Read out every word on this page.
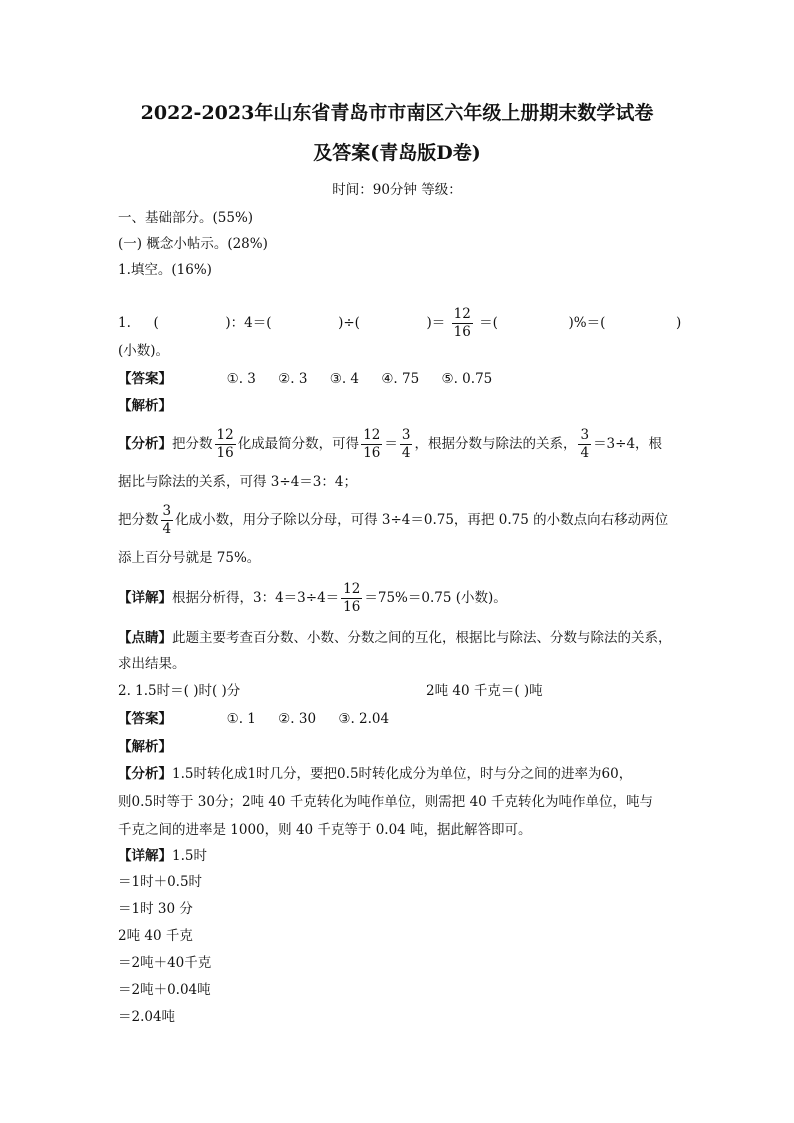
2022-2023年山东省青岛市市南区六年级上册期末数学试卷
及答案(青岛版D卷)
时间：90分钟 等级：
一、基础部分。(55%)
(一) 概念小帖示。(28%)
1.填空。(16%)
1. (	)：4＝(	)÷(	)＝ $\frac{12}{16}$ ＝(	)%＝(	)
(小数)。
【答案】	①. 3 ②. 3 ③. 4 ④. 75 ⑤. 0.75
【解析】
【分析】把分数 $\frac{12}{16}$ 化成最简分数，可得 $\frac{12}{16} = \frac{3}{4}$ ，根据分数与除法的关系， $\frac{3}{4} =3\div 4$，根
据比与除法的关系，可得 3÷4＝3：4；
把分数 $\frac{3}{4}$ 化成小数，用分子除以分母，可得 3÷4＝0.75，再把 0.75 的小数点向右移动两位
添上百分号就是 75%。
【详解】根据分析得，3：$4=3\div 4= \frac{12}{16} =75\%=0.75$ (小数)。
【点睛】此题主要考查百分数、小数、分数之间的互化，根据比与除法、分数与除法的关系，
求出结果。
2. 1.5时＝( )时( )分	2吨 40 千克＝( )吨
【答案】	①. 1 ②. 30 ③. 2.04
【解析】
【分析】1.5时转化成1时几分，要把0.5时转化成分为单位，时与分之间的进率为60，
则0.5时等于 30分；2吨 40 千克转化为吨作单位，则需把 40 千克转化为吨作单位，吨与
千克之间的进率是 1000，则 40 千克等于 0.04 吨，据此解答即可。
【详解】1.5时
＝1时＋0.5时
＝1时 30 分
2吨 40 千克
＝2吨＋40千克
＝2吨＋0.04吨
＝2.04吨
